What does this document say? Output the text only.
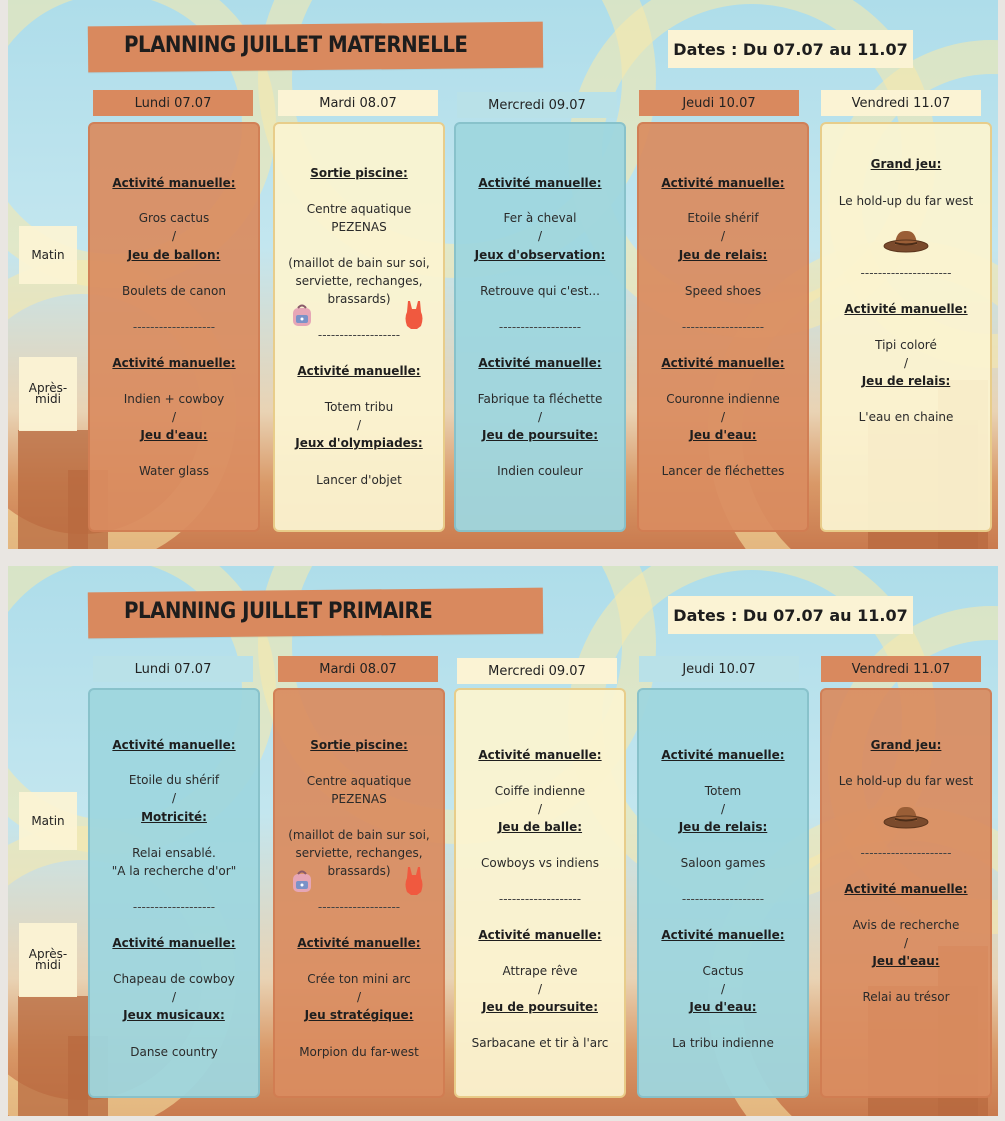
PLANNING JUILLET MATERNELLE	Dates : Du 07.07 au 11.07
Matin
Après-
midi
Lundi 07.07
Activité manuelle:
Gros cactus
/
Jeu de ballon:
Boulets de canon
-------------------
Activité manuelle:
Indien + cowboy
/
Jeu d'eau:
Water glass
Mardi 08.07
Sortie piscine:
Centre aquatique
PEZENAS
(maillot de bain sur soi,
serviette, rechanges,
brassards)
-------------------
Activité manuelle:
Totem tribu
/
Jeux d'olympiades:
Lancer d'objet
Mercredi 09.07
Activité manuelle:
Fer à cheval
/
Jeux d'observation:
Retrouve qui c'est...
-------------------
Activité manuelle:
Fabrique ta fléchette
/
Jeu de poursuite:
Indien couleur
Jeudi 10.07
Activité manuelle:
Etoile shérif
/
Jeu de relais:
Speed shoes
-------------------
Activité manuelle:
Couronne indienne
/
Jeu d'eau:
Lancer de fléchettes
Vendredi 11.07
Grand jeu:
Le hold-up du far west
---------------------
Activité manuelle:
Tipi coloré
/
Jeu de relais:
L'eau en chaine
PLANNING JUILLET PRIMAIRE	Dates : Du 07.07 au 11.07
Matin
Après-
midi
Lundi 07.07
Activité manuelle:
Etoile du shérif
/
Motricité:
Relai ensablé.
"A la recherche d'or"
-------------------
Activité manuelle:
Chapeau de cowboy
/
Jeux musicaux:
Danse country
Mardi 08.07
Sortie piscine:
Centre aquatique
PEZENAS
(maillot de bain sur soi,
serviette, rechanges,
brassards)
-------------------
Activité manuelle:
Crée ton mini arc
/
Jeu stratégique:
Morpion du far-west
Mercredi 09.07
Activité manuelle:
Coiffe indienne
/
Jeu de balle:
Cowboys vs indiens
-------------------
Activité manuelle:
Attrape rêve
/
Jeu de poursuite:
Sarbacane et tir à l'arc
Jeudi 10.07
Activité manuelle:
Totem
/
Jeu de relais:
Saloon games
-------------------
Activité manuelle:
Cactus
/
Jeu d'eau:
La tribu indienne
Vendredi 11.07
Grand jeu:
Le hold-up du far west
---------------------
Activité manuelle:
Avis de recherche
/
Jeu d'eau:
Relai au trésor
